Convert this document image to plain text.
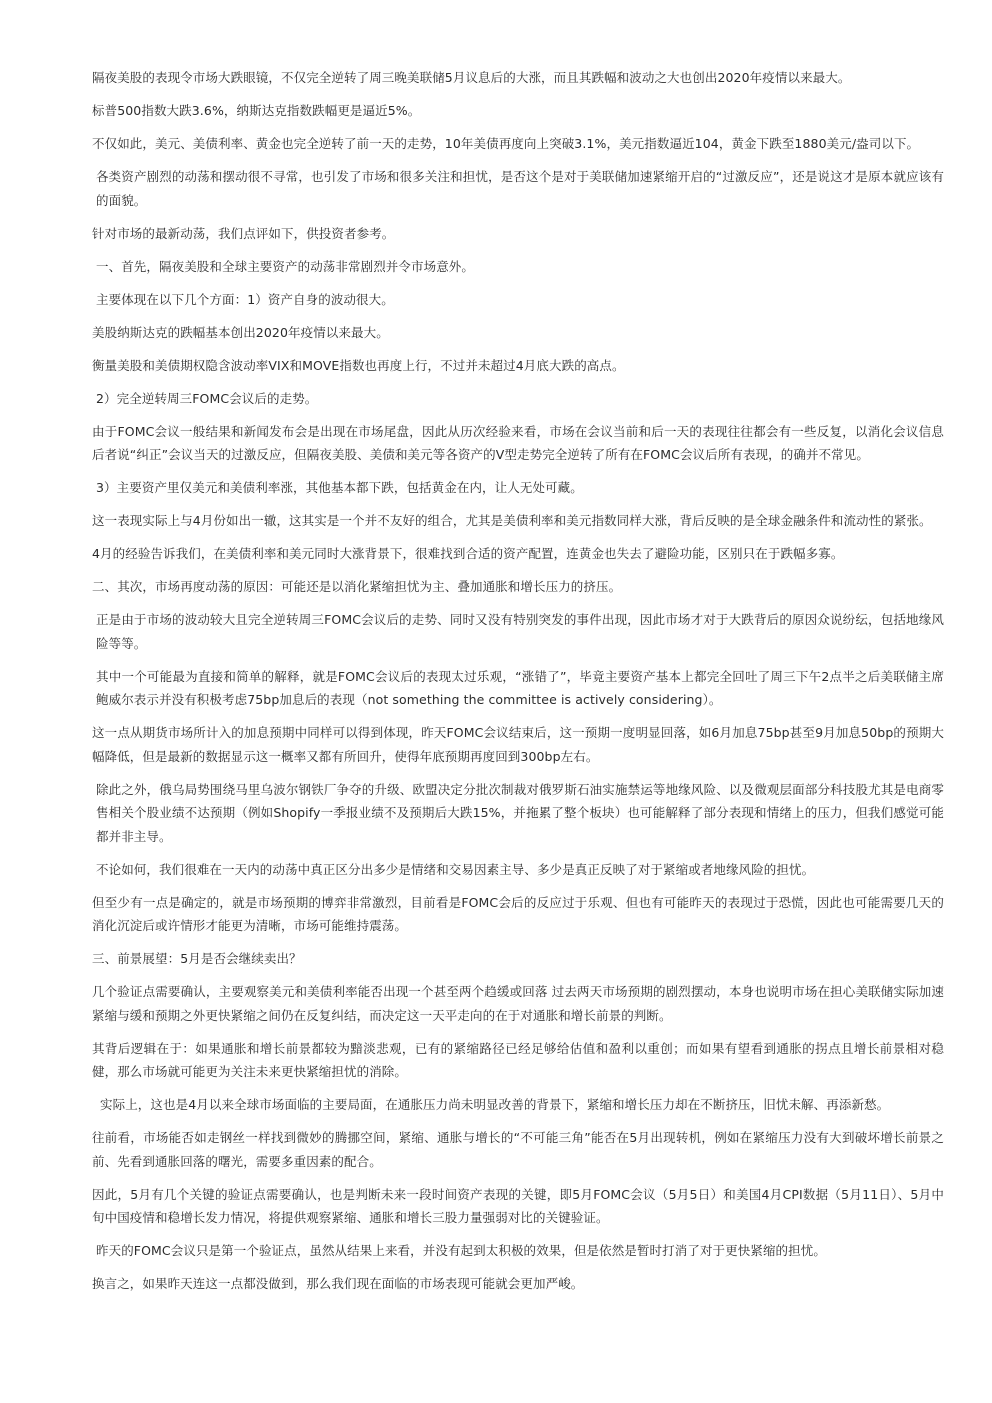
隔夜美股的表现令市场大跌眼镜，不仅完全逆转了周三晚美联储5月议息后的大涨，而且其跌幅和波动之大也创出2020年疫情以来最大。

标普500指数大跌3.6%，纳斯达克指数跌幅更是逼近5%。

不仅如此，美元、美债利率、黄金也完全逆转了前一天的走势，10年美债再度向上突破3.1%，美元指数逼近104，黄金下跌至1880美元/盎司以下。

各类资产剧烈的动荡和摆动很不寻常，也引发了市场和很多关注和担忧，是否这个是对于美联储加速紧缩开启的“过激反应”，还是说这才是原本就应该有的面貌。

针对市场的最新动荡，我们点评如下，供投资者参考。

一、首先，隔夜美股和全球主要资产的动荡非常剧烈并令市场意外。

主要体现在以下几个方面：1）资产自身的波动很大。

美股纳斯达克的跌幅基本创出2020年疫情以来最大。

衡量美股和美债期权隐含波动率VIX和MOVE指数也再度上行，不过并未超过4月底大跌的高点。

2）完全逆转周三FOMC会议后的走势。

由于FOMC会议一般结果和新闻发布会是出现在市场尾盘，因此从历次经验来看，市场在会议当前和后一天的表现往往都会有一些反复，以消化会议信息后者说“纠正”会议当天的过激反应，但隔夜美股、美债和美元等各资产的V型走势完全逆转了所有在FOMC会议后所有表现，的确并不常见。

3）主要资产里仅美元和美债利率涨，其他基本都下跌，包括黄金在内，让人无处可藏。

这一表现实际上与4月份如出一辙，这其实是一个并不友好的组合，尤其是美债利率和美元指数同样大涨，背后反映的是全球金融条件和流动性的紧张。

4月的经验告诉我们，在美债利率和美元同时大涨背景下，很难找到合适的资产配置，连黄金也失去了避险功能，区别只在于跌幅多寡。

二、其次，市场再度动荡的原因：可能还是以消化紧缩担忧为主、叠加通胀和增长压力的挤压。

正是由于市场的波动较大且完全逆转周三FOMC会议后的走势、同时又没有特别突发的事件出现，因此市场才对于大跌背后的原因众说纷纭，包括地缘风险等等。

其中一个可能最为直接和简单的解释，就是FOMC会议后的表现太过乐观，“涨错了”，毕竟主要资产基本上都完全回吐了周三下午2点半之后美联储主席鲍威尔表示并没有积极考虑75bp加息后的表现（not something the committee is actively considering）。

这一点从期货市场所计入的加息预期中同样可以得到体现，昨天FOMC会议结束后，这一预期一度明显回落，如6月加息75bp甚至9月加息50bp的预期大幅降低，但是最新的数据显示这一概率又都有所回升，使得年底预期再度回到300bp左右。

除此之外，俄乌局势围绕马里乌波尔钢铁厂争夺的升级、欧盟决定分批次制裁对俄罗斯石油实施禁运等地缘风险、以及微观层面部分科技股尤其是电商零售相关个股业绩不达预期（例如Shopify一季报业绩不及预期后大跌15%，并拖累了整个板块）也可能解释了部分表现和情绪上的压力，但我们感觉可能都并非主导。

不论如何，我们很难在一天内的动荡中真正区分出多少是情绪和交易因素主导、多少是真正反映了对于紧缩或者地缘风险的担忧。

但至少有一点是确定的，就是市场预期的博弈非常激烈，目前看是FOMC会后的反应过于乐观、但也有可能昨天的表现过于恐慌，因此也可能需要几天的消化沉淀后或许情形才能更为清晰，市场可能维持震荡。

三、前景展望：5月是否会继续卖出？

几个验证点需要确认，主要观察美元和美债利率能否出现一个甚至两个趋缓或回落 过去两天市场预期的剧烈摆动，本身也说明市场在担心美联储实际加速紧缩与缓和预期之外更快紧缩之间仍在反复纠结，而决定这一天平走向的在于对通胀和增长前景的判断。

其背后逻辑在于：如果通胀和增长前景都较为黯淡悲观，已有的紧缩路径已经足够给估值和盈利以重创；而如果有望看到通胀的拐点且增长前景相对稳健，那么市场就可能更为关注未来更快紧缩担忧的消除。

实际上，这也是4月以来全球市场面临的主要局面，在通胀压力尚未明显改善的背景下，紧缩和增长压力却在不断挤压，旧忧未解、再添新愁。

往前看，市场能否如走钢丝一样找到微妙的腾挪空间，紧缩、通胀与增长的“不可能三角”能否在5月出现转机，例如在紧缩压力没有大到破坏增长前景之前、先看到通胀回落的曙光，需要多重因素的配合。

因此，5月有几个关键的验证点需要确认，也是判断未来一段时间资产表现的关键，即5月FOMC会议（5月5日）和美国4月CPI数据（5月11日）、5月中旬中国疫情和稳增长发力情况，将提供观察紧缩、通胀和增长三股力量强弱对比的关键验证。

昨天的FOMC会议只是第一个验证点，虽然从结果上来看，并没有起到太积极的效果，但是依然是暂时打消了对于更快紧缩的担忧。

换言之，如果昨天连这一点都没做到，那么我们现在面临的市场表现可能就会更加严峻。
